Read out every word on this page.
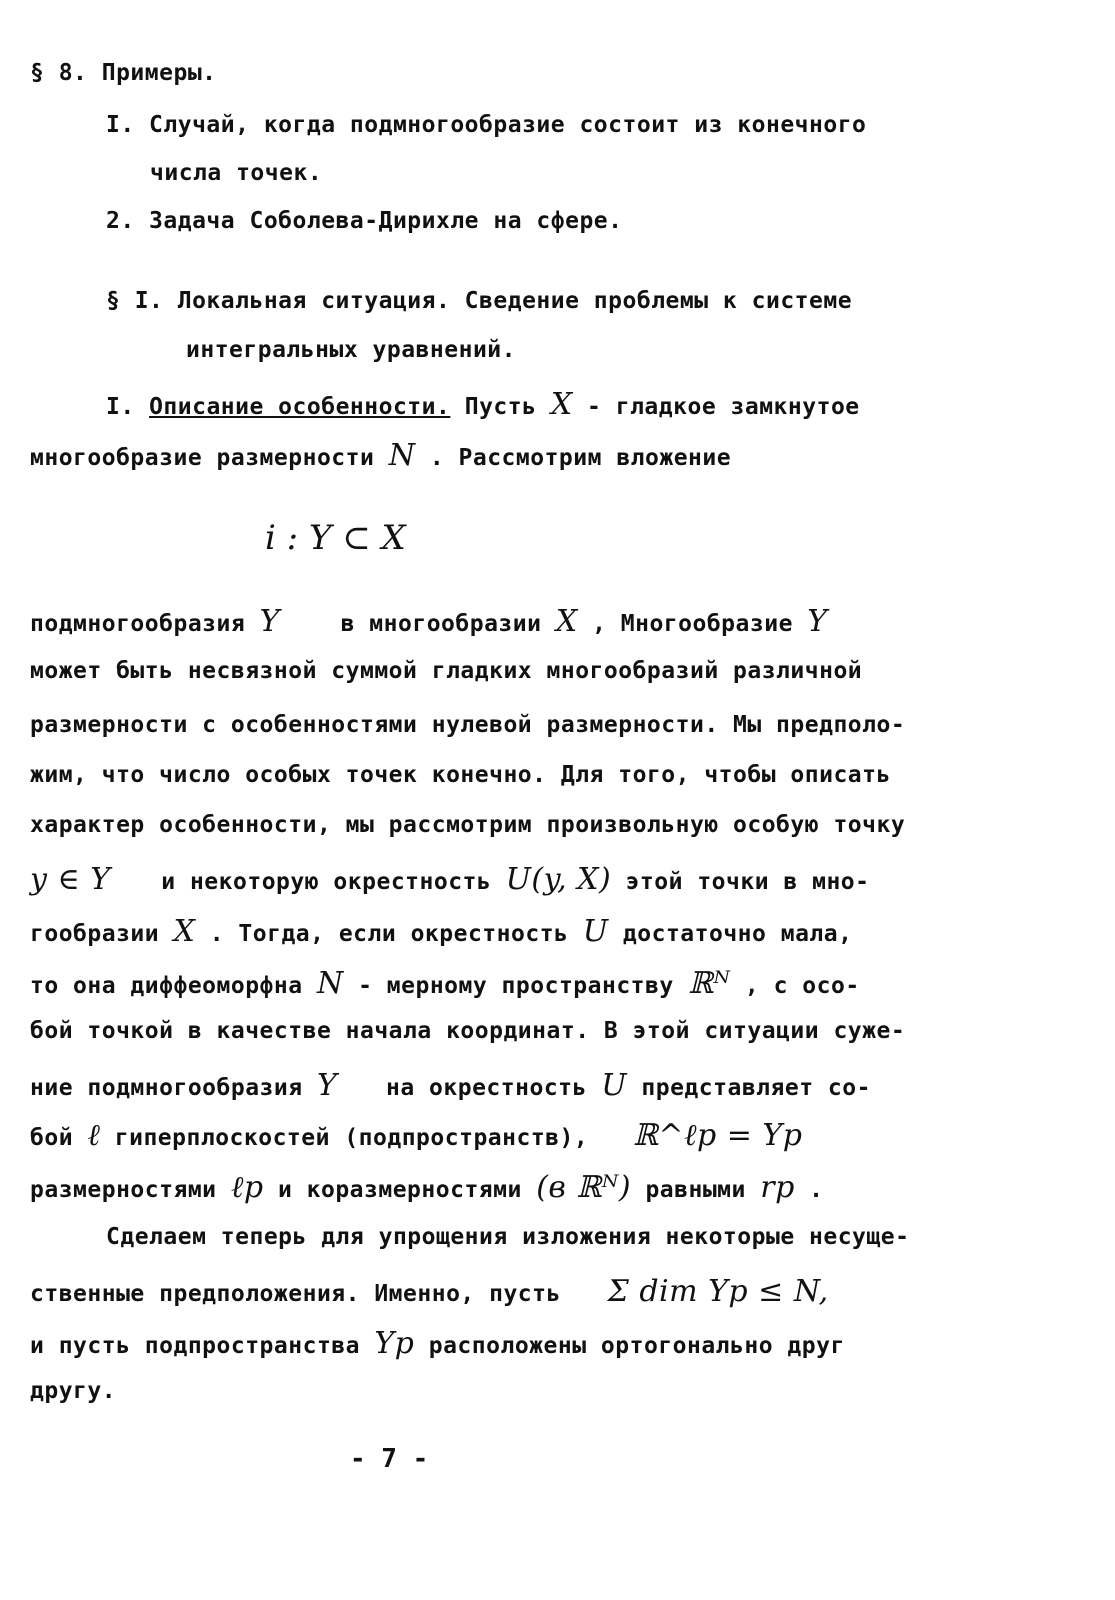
§ 8. Примеры.
I. Случай, когда подмногообразие состоит из конечного
числа точек.
2. Задача Соболева-Дирихле на сфере.
§ I. Локальная ситуация. Сведение проблемы к системе
интегральных уравнений.
I. Описание особенности. Пусть X - гладкое замкнутое
многообразие размерности N . Рассмотрим вложение
i : Y ⊂ X
подмногообразия Y	в многообразии X , Многообразие Y
может быть несвязной суммой гладких многообразий различной
размерности с особенностями нулевой размерности. Мы предполо-
жим, что число особых точек конечно. Для того, чтобы описать
характер особенности, мы рассмотрим произвольную особую точку
y ∈ Y и некоторую окрестность U(y, X) этой точки в мно-
гообразии X . Тогда, если окрестность U достаточно мала,
то она диффеоморфна N - мерному пространству ℝᴺ , с осо-
бой точкой в качестве начала координат. В этой ситуации суже-
ние подмногообразия Y на окрестность U представляет со-
бой ℓ гиперплоскостей (подпространств), ℝ^ℓp = Yp
размерностями ℓp и коразмерностями (в ℝᴺ) равными rp .
Сделаем теперь для упрощения изложения некоторые несуще-
ственные предположения. Именно, пусть Σ dim Yp ≤ N,
и пусть подпространства Yp расположены ортогонально друг
другу.
- 7 -
